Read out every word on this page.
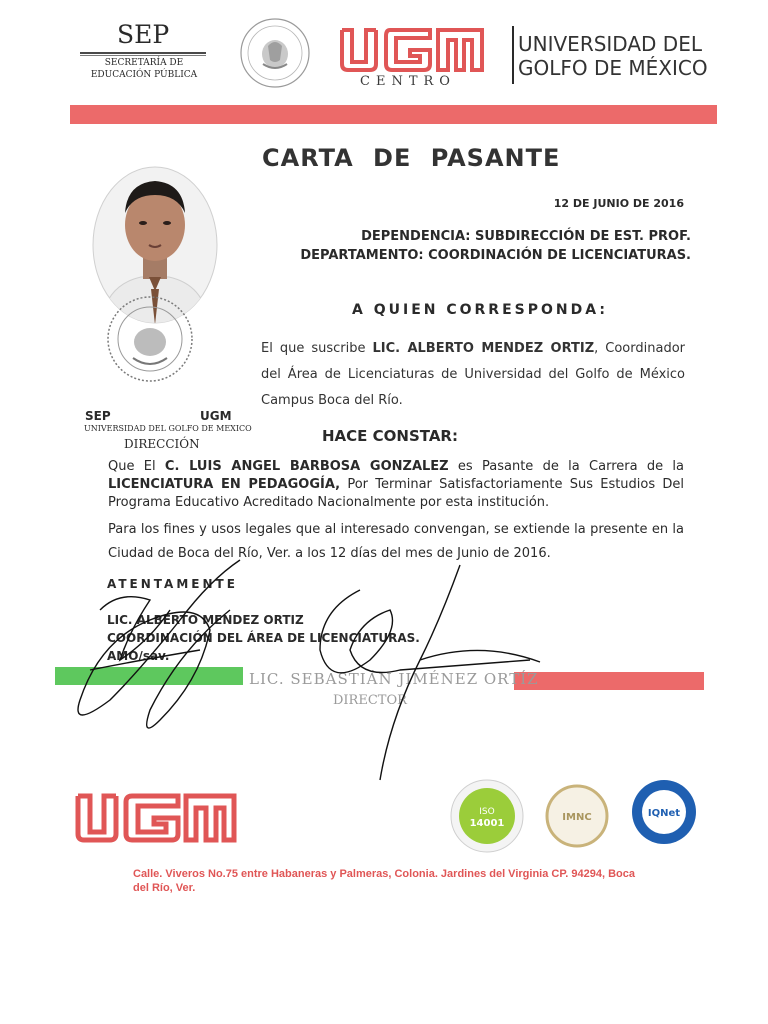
SEP
SECRETARÍA DE
EDUCACIÓN PÚBLICA	CENTRO
UNIVERSIDAD DEL
GOLFO DE MÉXICO
CARTA DE PASANTE
12 DE JUNIO DE 2016
DEPENDENCIA: SUBDIRECCIÓN DE EST. PROF.
DEPARTAMENTO: COORDINACIÓN DE LICENCIATURAS.
A QUIEN CORRESPONDA:
SEP	UGM
UNIVERSIDAD DEL GOLFO DE MEXICO
DIRECCIÓN
El que suscribe LIC. ALBERTO MENDEZ ORTIZ, Coordinador del Área de Licenciaturas de Universidad del Golfo de México Campus Boca del Río.
HACE CONSTAR:
Que El C. LUIS ANGEL BARBOSA GONZALEZ es Pasante de la Carrera de la LICENCIATURA EN PEDAGOGÍA, Por Terminar Satisfactoriamente Sus Estudios Del Programa Educativo Acreditado Nacionalmente por esta institución.
Para los fines y usos legales que al interesado convengan, se extiende la presente en la Ciudad de Boca del Río, Ver. a los 12 días del mes de Junio de 2016.
ATENTAMENTE
LIC. ALBERTO MENDEZ ORTIZ
COORDINACIÓN DEL ÁREA DE LICENCIATURAS.
AMO/sav.
LIC. SEBASTIÁN JIMÉNEZ ORTÍZ
DIRECTOR
ISO
14001
IMNC	IQNet
Calle. Viveros No.75 entre Habaneras y Palmeras, Colonia. Jardines del Virginia CP. 94294, Boca del Río, Ver.
